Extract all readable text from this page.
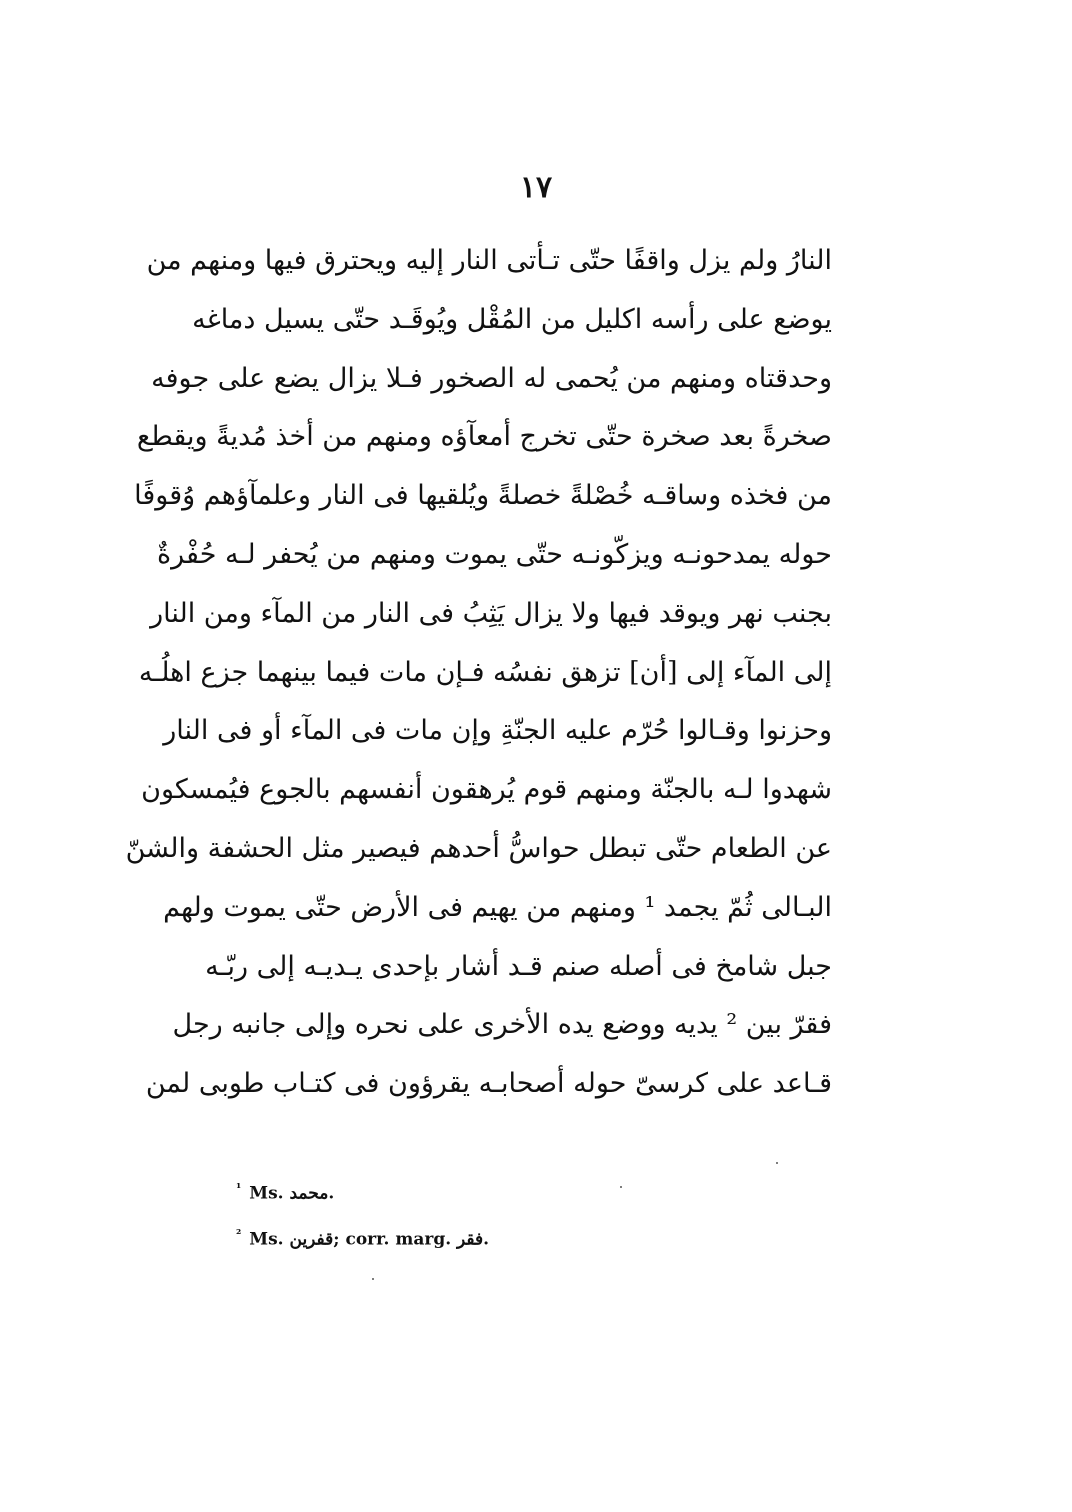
١٧
النارُ ولم يزل واقفًا حتّى تـأتى النار إليه ويحترق فيها ومنهم من
يوضع على رأسه اكليل من المُقْل ويُوقَـد حتّى يسيل دماغه
وحدقتاه ومنهم من يُحمى له الصخور فـلا يزال يضع على جوفه
صخرةً بعد صخرة حتّى تخرج أمعآؤه ومنهم من أخذ مُديةً ويقطع
من فخذه وساقـه خُصْلةً خصلةً ويُلقيها فى النار وعلمآؤهم وُقوفًا
حوله يمدحونـه ويزكّونـه حتّى يموت ومنهم من يُحفر لـه حُفْرةٌ
بجنب نهر ويوقد فيها ولا يزال يَثِبُ فى النار من المآء ومن النار
إلى المآء إلى [أن] تزهق نفسُه فـإن مات فيما بينهما جزع اهلُـه
وحزنوا وقـالوا حُرّم عليه الجنّةِ وإن مات فى المآء أو فى النار
شهدوا لـه بالجنّة ومنهم قوم يُرهقون أنفسهم بالجوع فيُمسكون
عن الطعام حتّى تبطل حواسُّ أحدهم فيصير مثل الحشفة والشنّ
البـالى ثُمّ يجمد ¹ ومنهم من يهيم فى الأرض حتّى يموت ولهم
جبل شامخ فى أصله صنم قـد أشار بإحدى يـديـه إلى ربّـه
فقرّ بين ² يديه ووضع يده الأخرى على نحره وإلى جانبه رجل
قـاعد على كرسىّ حوله أصحابـه يقرؤون فى كتـاب طوبى لمن
$^{^1}$ Ms. محمد.
$^{^2}$ Ms. قفرين; corr. marg. فقر.
